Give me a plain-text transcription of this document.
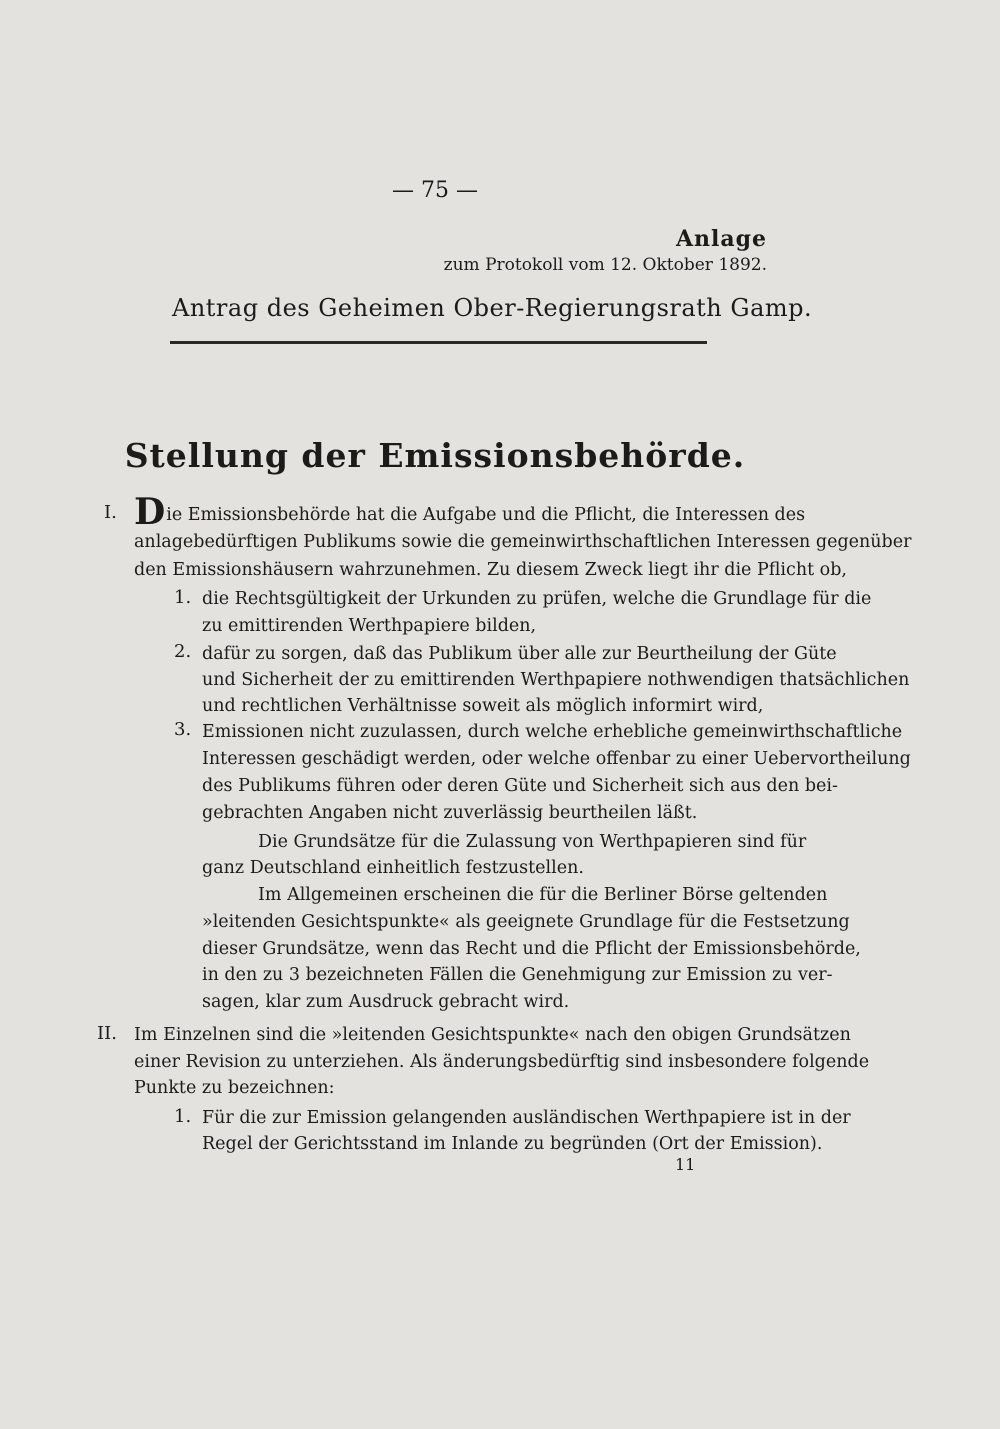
— 75 —
Anlage
zum Protokoll vom 12. Oktober 1892.
Antrag des Geheimen Ober-Regierungsrath Gamp.
Stellung der Emissionsbehörde.
I. Die Emissionsbehörde hat die Aufgabe und die Pflicht, die Interessen des
anlagebedürftigen Publikums sowie die gemeinwirthschaftlichen Interessen gegenüber
den Emissionshäusern wahrzunehmen. Zu diesem Zweck liegt ihr die Pflicht ob,
1. die Rechtsgültigkeit der Urkunden zu prüfen, welche die Grundlage für die
zu emittirenden Werthpapiere bilden,
2. dafür zu sorgen, daß das Publikum über alle zur Beurtheilung der Güte
und Sicherheit der zu emittirenden Werthpapiere nothwendigen thatsächlichen
und rechtlichen Verhältnisse soweit als möglich informirt wird,
3. Emissionen nicht zuzulassen, durch welche erhebliche gemeinwirthschaftliche
Interessen geschädigt werden, oder welche offenbar zu einer Uebervortheilung
des Publikums führen oder deren Güte und Sicherheit sich aus den bei-
gebrachten Angaben nicht zuverlässig beurtheilen läßt.
Die Grundsätze für die Zulassung von Werthpapieren sind für
ganz Deutschland einheitlich festzustellen.
Im Allgemeinen erscheinen die für die Berliner Börse geltenden
»leitenden Gesichtspunkte« als geeignete Grundlage für die Festsetzung
dieser Grundsätze, wenn das Recht und die Pflicht der Emissionsbehörde,
in den zu 3 bezeichneten Fällen die Genehmigung zur Emission zu ver-
sagen, klar zum Ausdruck gebracht wird.
II. Im Einzelnen sind die »leitenden Gesichtspunkte« nach den obigen Grundsätzen
einer Revision zu unterziehen. Als änderungsbedürftig sind insbesondere folgende
Punkte zu bezeichnen:
1. Für die zur Emission gelangenden ausländischen Werthpapiere ist in der
Regel der Gerichtsstand im Inlande zu begründen (Ort der Emission).
11
